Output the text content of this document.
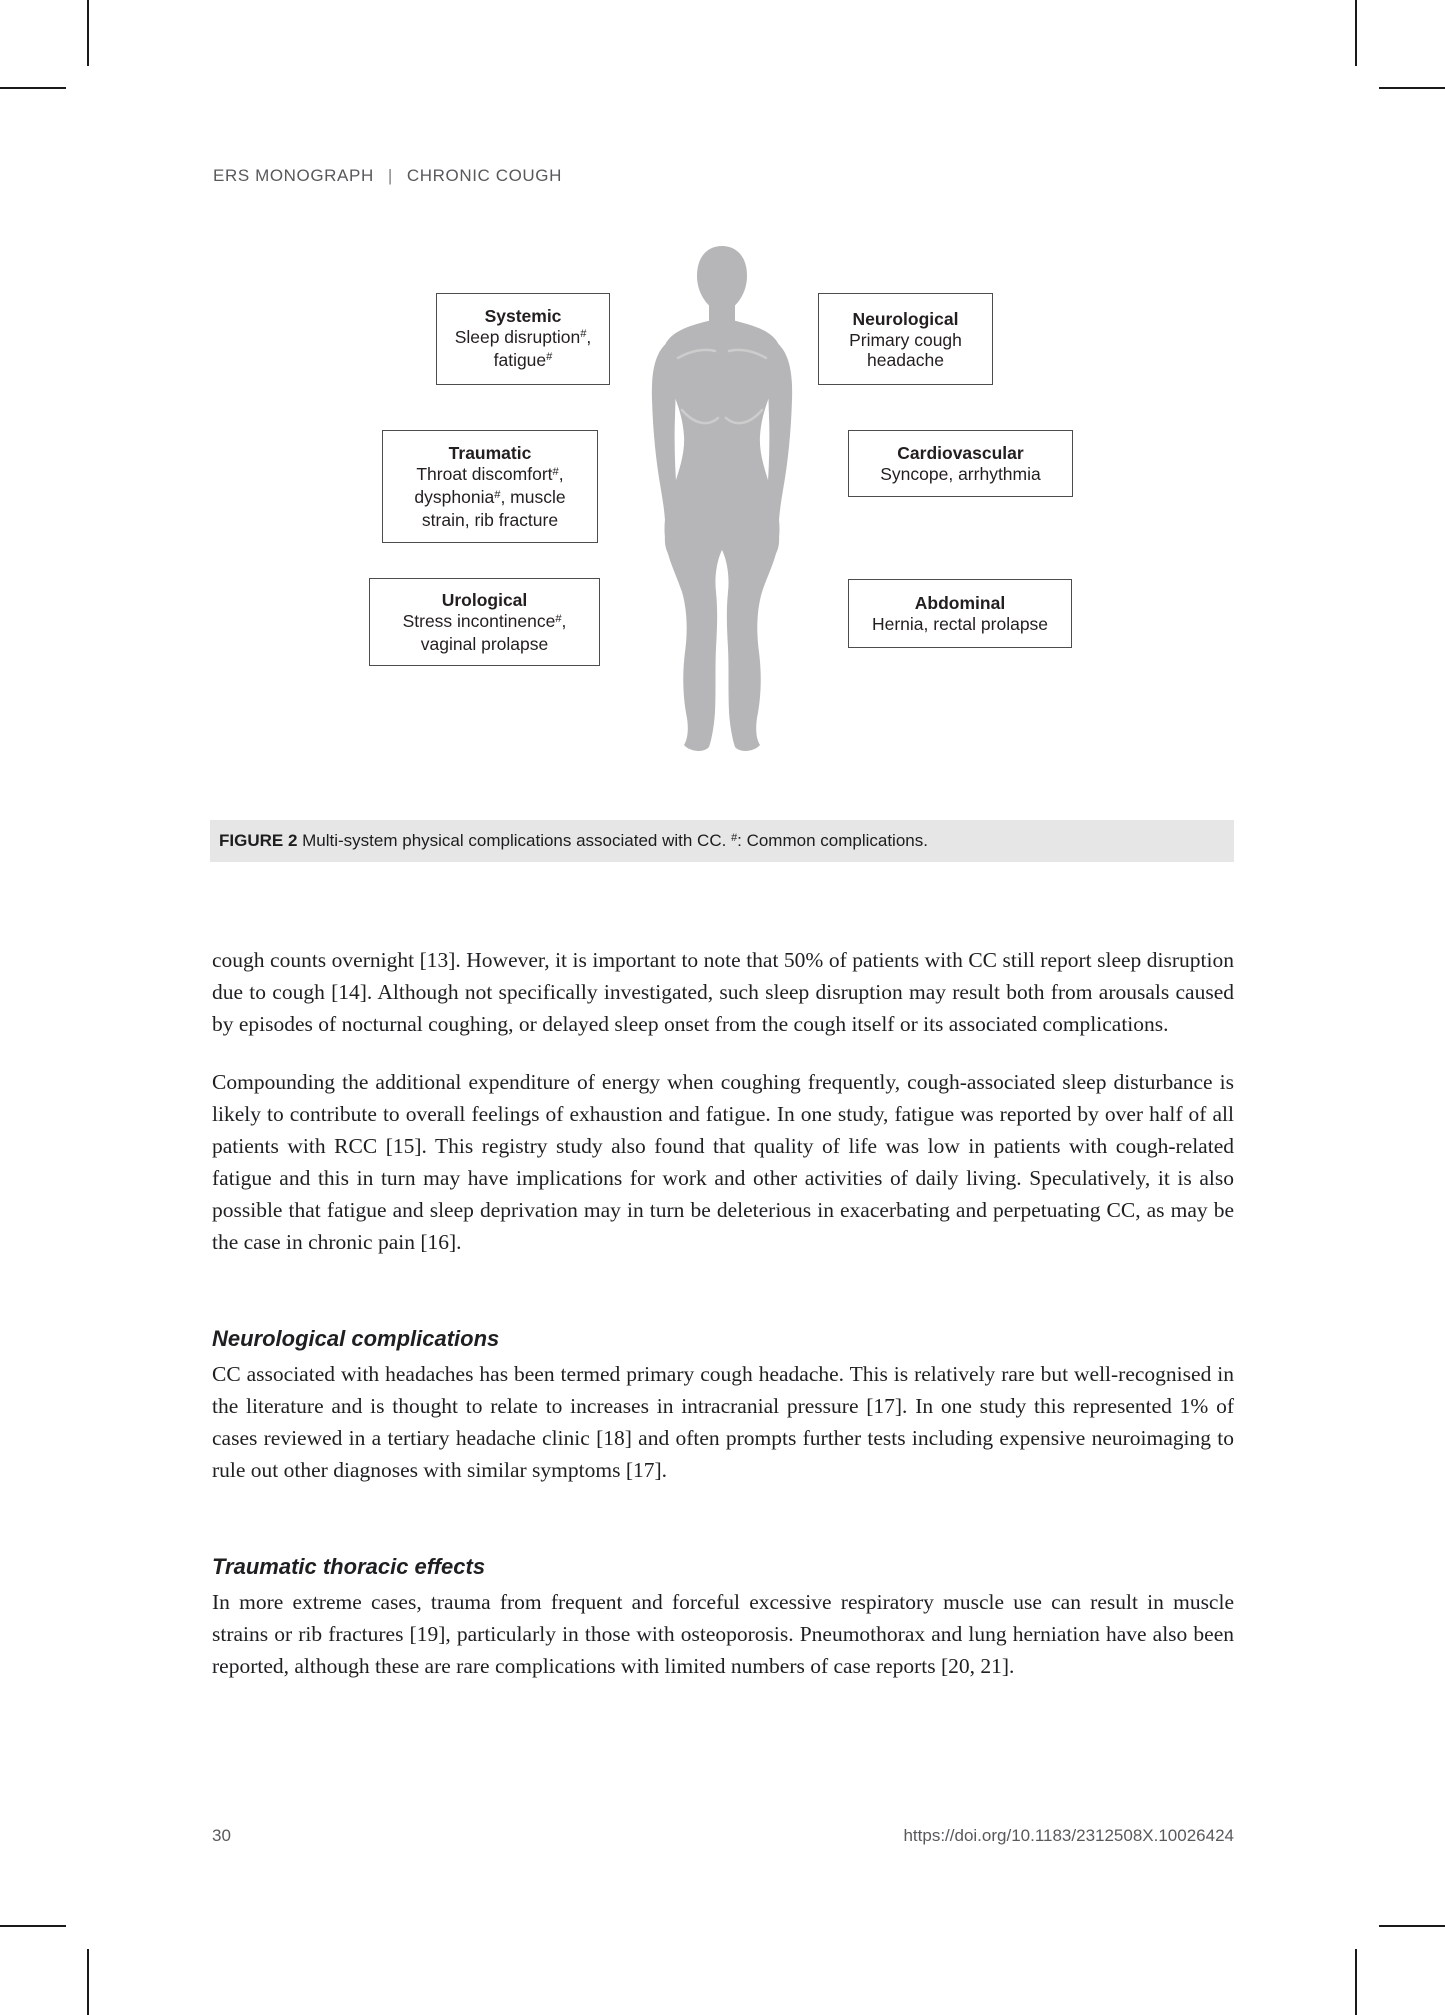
ERS MONOGRAPH | CHRONIC COUGH
Systemic
Sleep disruption#, fatigue#
Neurological
Primary cough headache
Traumatic
Throat discomfort#, dysphonia#, muscle strain, rib fracture
Cardiovascular
Syncope, arrhythmia
Urological
Stress incontinence#, vaginal prolapse
Abdominal
Hernia, rectal prolapse
FIGURE 2 Multi-system physical complications associated with CC. #: Common complications.

cough counts overnight [13]. However, it is important to note that 50% of patients with CC still report sleep disruption due to cough [14]. Although not specifically investigated, such sleep disruption may result both from arousals caused by episodes of nocturnal coughing, or delayed sleep onset from the cough itself or its associated complications.

Compounding the additional expenditure of energy when coughing frequently, cough-associated sleep disturbance is likely to contribute to overall feelings of exhaustion and fatigue. In one study, fatigue was reported by over half of all patients with RCC [15]. This registry study also found that quality of life was low in patients with cough-related fatigue and this in turn may have implications for work and other activities of daily living. Speculatively, it is also possible that fatigue and sleep deprivation may in turn be deleterious in exacerbating and perpetuating CC, as may be the case in chronic pain [16].

Neurological complications

CC associated with headaches has been termed primary cough headache. This is relatively rare but well-recognised in the literature and is thought to relate to increases in intracranial pressure [17]. In one study this represented 1% of cases reviewed in a tertiary headache clinic [18] and often prompts further tests including expensive neuroimaging to rule out other diagnoses with similar symptoms [17].

Traumatic thoracic effects

In more extreme cases, trauma from frequent and forceful excessive respiratory muscle use can result in muscle strains or rib fractures [19], particularly in those with osteoporosis. Pneumothorax and lung herniation have also been reported, although these are rare complications with limited numbers of case reports [20, 21].

30	https://doi.org/10.1183/2312508X.10026424
